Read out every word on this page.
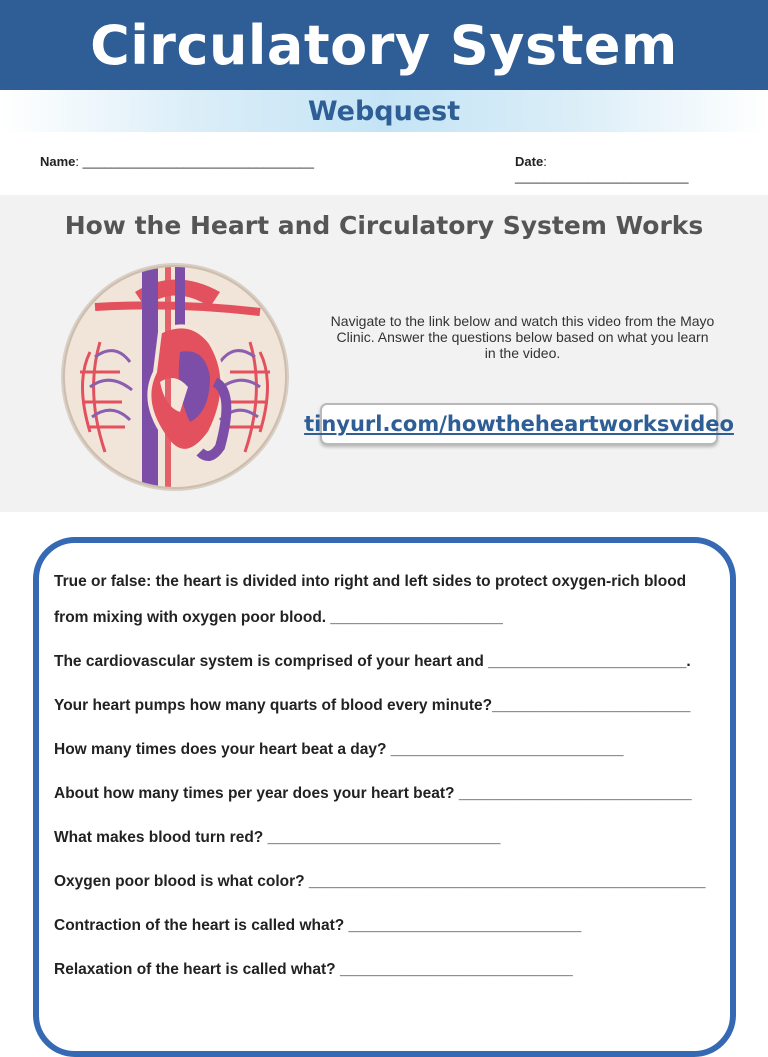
Circulatory System
Webquest
Name: ________________________________	Date: ________________________
How the Heart and Circulatory System Works
Navigate to the link below and watch this video from the Mayo Clinic. Answer the questions below based on what you learn in the video.
tinyurl.com/howtheheartworksvideo
True or false: the heart is divided into right and left sides to protect oxygen-rich blood
from mixing with oxygen poor blood. ____________________
The cardiovascular system is comprised of your heart and _______________________.
Your heart pumps how many quarts of blood every minute?_______________________
How many times does your heart beat a day? ___________________________
About how many times per year does your heart beat? ___________________________
What makes blood turn red? ___________________________
Oxygen poor blood is what color? ______________________________________________
Contraction of the heart is called what? ___________________________
Relaxation of the heart is called what? ___________________________
